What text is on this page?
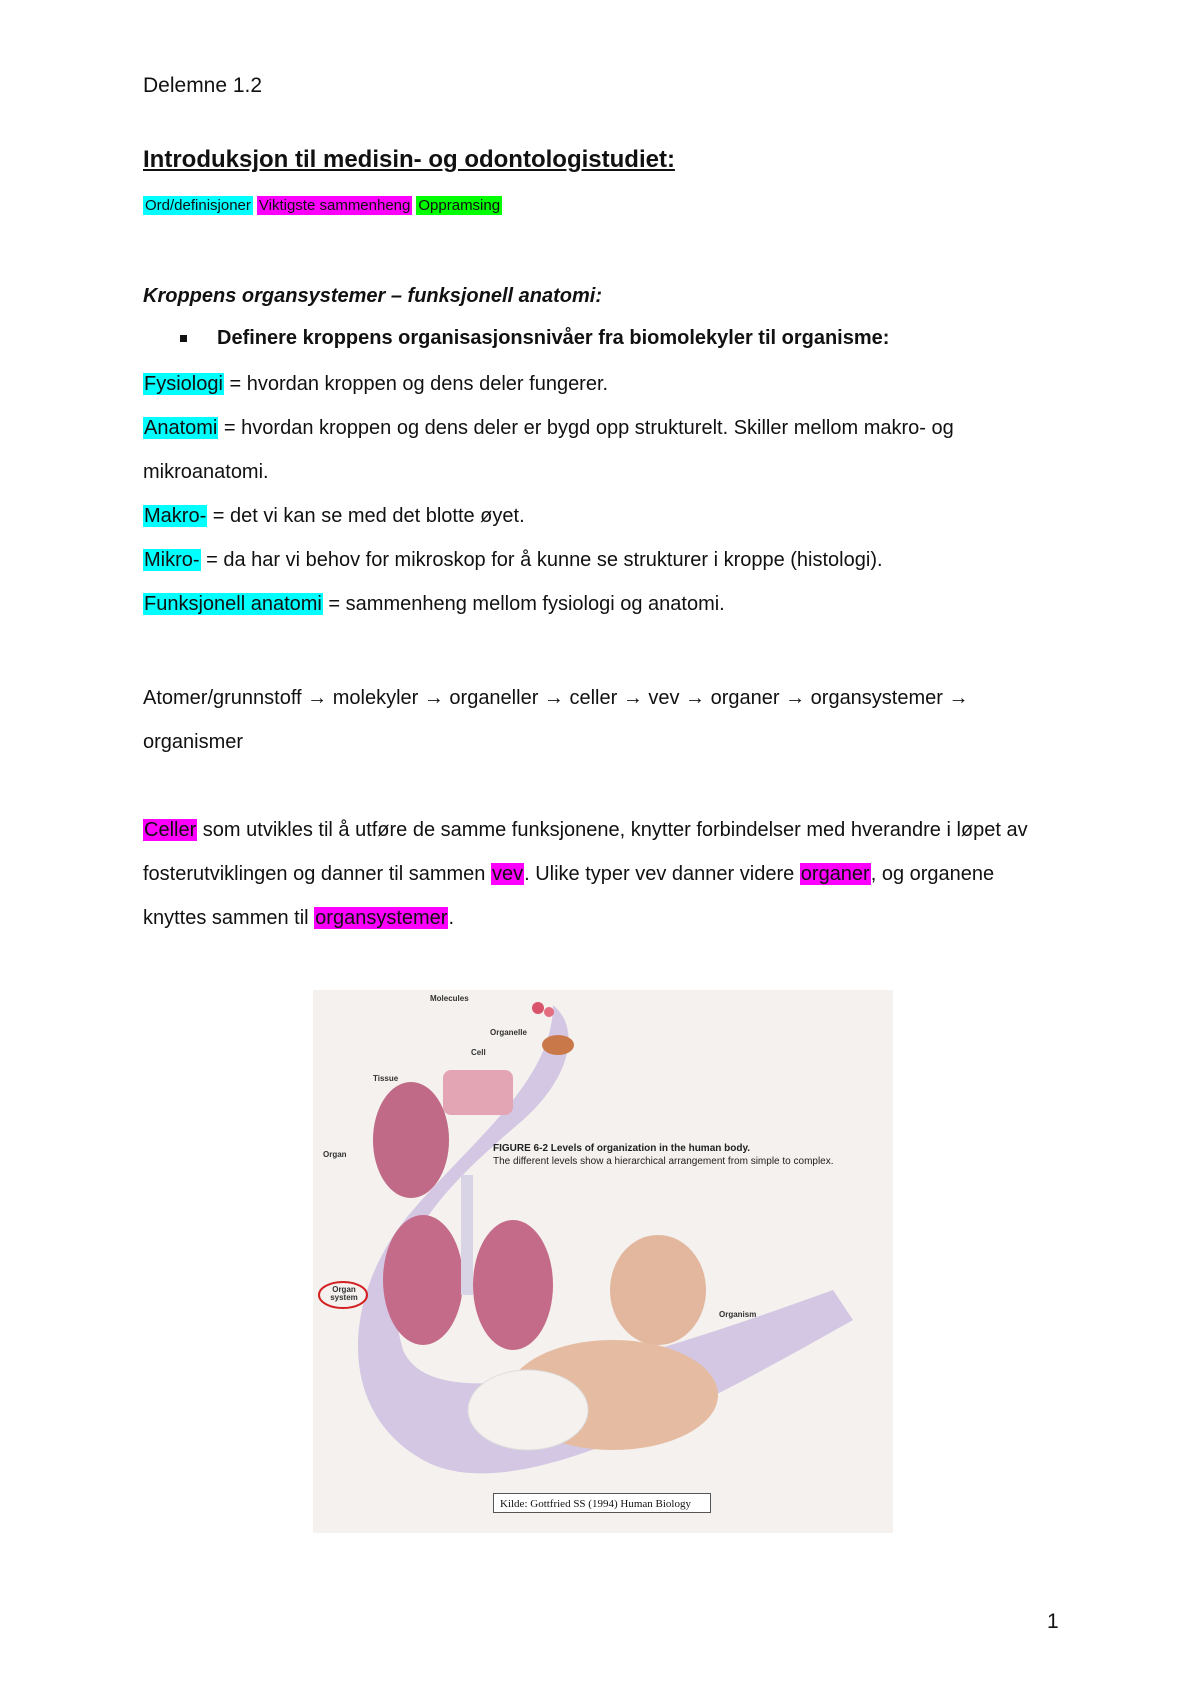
Delemne 1.2
Introduksjon til medisin- og odontologistudiet:
Ord/definisjoner Viktigste sammenheng Oppramsing
Kroppens organsystemer – funksjonell anatomi:
Definere kroppens organisasjonsnivåer fra biomolekyler til organisme:
Fysiologi = hvordan kroppen og dens deler fungerer.
Anatomi = hvordan kroppen og dens deler er bygd opp strukturelt. Skiller mellom makro- og mikroanatomi.
Makro- = det vi kan se med det blotte øyet.
Mikro- = da har vi behov for mikroskop for å kunne se strukturer i kroppe (histologi).
Funksjonell anatomi = sammenheng mellom fysiologi og anatomi.
Atomer/grunnstoff → molekyler → organeller → celler → vev → organer → organsystemer → organismer
Celler som utvikles til å utføre de samme funksjonene, knytter forbindelser med hverandre i løpet av fosterutviklingen og danner til sammen vev. Ulike typer vev danner videre organer, og organene knyttes sammen til organsystemer.
Molecules
Organelle
Cell
Tissue
Organ
Organ system
Organism
FIGURE 6-2 Levels of organization in the human body.
The different levels show a hierarchical arrangement from simple to complex.
Kilde: Gottfried SS (1994) Human Biology
1
